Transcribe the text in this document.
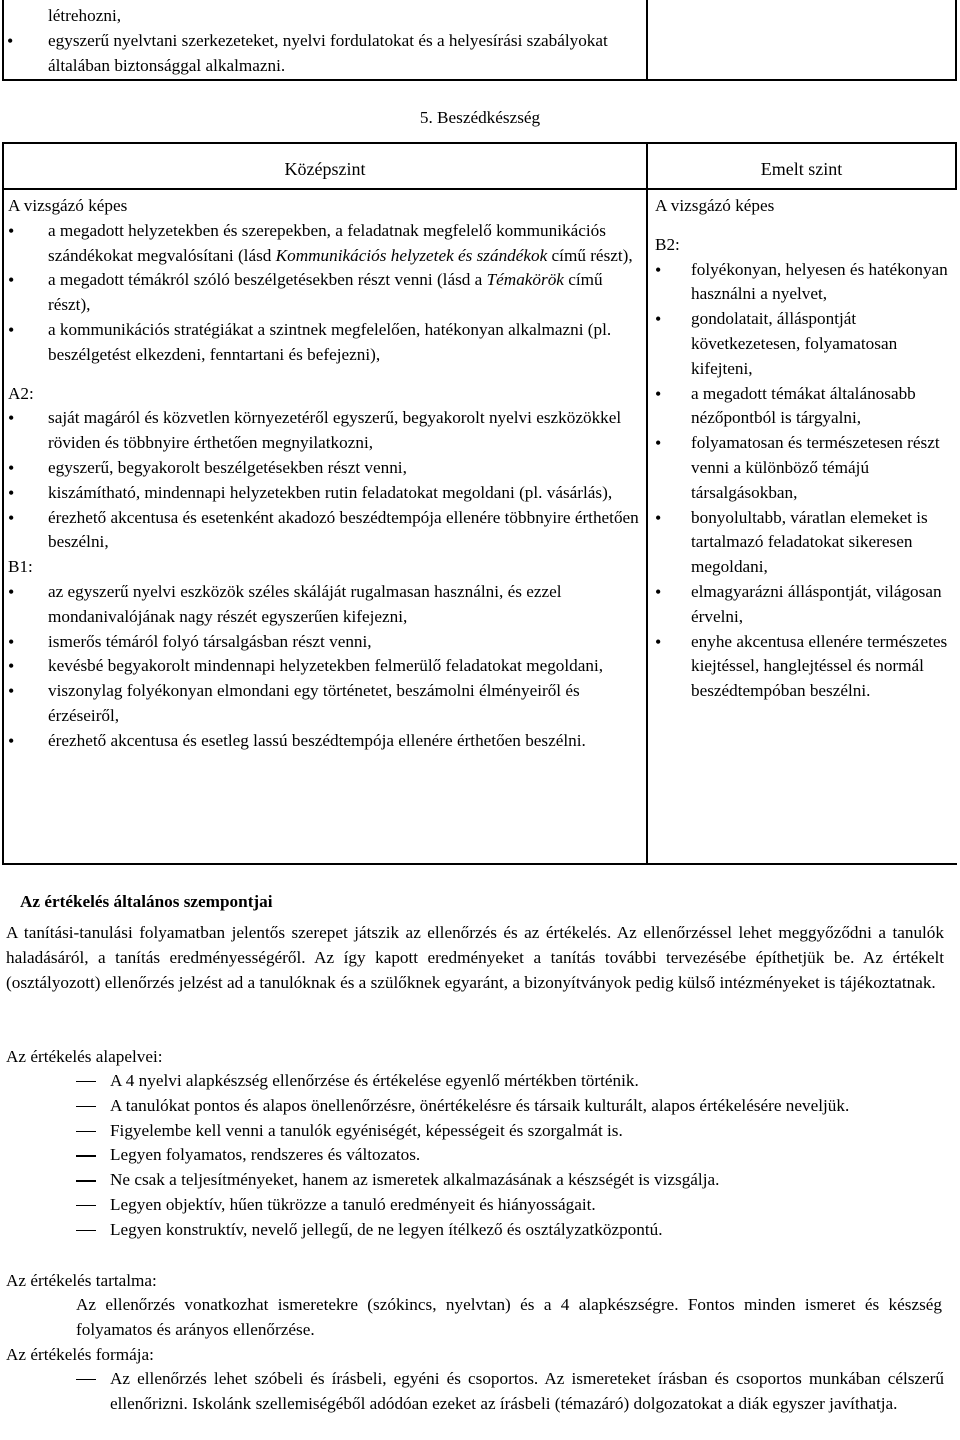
létrehozni,
• egyszerű nyelvtani szerkezeteket, nyelvi fordulatokat és a helyesírási szabályokat általában biztonsággal alkalmazni.
5. Beszédkészség
Középszint	Emelt szint
A vizsgázó képes
• a megadott helyzetekben és szerepekben, a feladatnak megfelelő kommunikációs szándékokat megvalósítani (lásd Kommunikációs helyzetek és szándékok című részt),
• a megadott témákról szóló beszélgetésekben részt venni (lásd a Témakörök című részt),
• a kommunikációs stratégiákat a szintnek megfelelően, hatékonyan alkalmazni (pl. beszélgetést elkezdeni, fenntartani és befejezni),
A2:
• saját magáról és közvetlen környezetéről egyszerű, begyakorolt nyelvi eszközökkel röviden és többnyire érthetően megnyilatkozni,
• egyszerű, begyakorolt beszélgetésekben részt venni,
• kiszámítható, mindennapi helyzetekben rutin feladatokat megoldani (pl. vásárlás),
• érezhető akcentusa és esetenként akadozó beszédtempója ellenére többnyire érthetően beszélni,
B1:
• az egyszerű nyelvi eszközök széles skáláját rugalmasan használni, és ezzel mondanivalójának nagy részét egyszerűen kifejezni,
• ismerős témáról folyó társalgásban részt venni,
• kevésbé begyakorolt mindennapi helyzetekben felmerülő feladatokat megoldani,
• viszonylag folyékonyan elmondani egy történetet, beszámolni élményeiről és érzéseiről,
• érezhető akcentusa és esetleg lassú beszédtempója ellenére érthetően beszélni.
A vizsgázó képes
B2:
• folyékonyan, helyesen és hatékonyan használni a nyelvet,
• gondolatait, álláspontját következetesen, folyamatosan kifejteni,
• a megadott témákat általánosabb nézőpontból is tárgyalni,
• folyamatosan és természetesen részt venni a különböző témájú társalgásokban,
• bonyolultabb, váratlan elemeket is tartalmazó feladatokat sikeresen megoldani,
• elmagyarázni álláspontját, világosan érvelni,
• enyhe akcentusa ellenére természetes kiejtéssel, hanglejtéssel és normál beszédtempóban beszélni.
Az értékelés általános szempontjai
A tanítási-tanulási folyamatban jelentős szerepet játszik az ellenőrzés és az értékelés. Az ellenőrzéssel lehet meggyőződni a tanulók haladásáról, a tanítás eredményességéről. Az így kapott eredményeket a tanítás további tervezésébe építhetjük be. Az értékelt (osztályozott) ellenőrzés jelzést ad a tanulóknak és a szülőknek egyaránt, a bizonyítványok pedig külső intézményeket is tájékoztatnak.
Az értékelés alapelvei:
A 4 nyelvi alapkészség ellenőrzése és értékelése egyenlő mértékben történik.
A tanulókat pontos és alapos önellenőrzésre, önértékelésre és társaik kulturált, alapos értékelésére neveljük.
Figyelembe kell venni a tanulók egyéniségét, képességeit és szorgalmát is.
Legyen folyamatos, rendszeres és változatos.
Ne csak a teljesítményeket, hanem az ismeretek alkalmazásának a készségét is vizsgálja.
Legyen objektív, hűen tükrözze a tanuló eredményeit és hiányosságait.
Legyen konstruktív, nevelő jellegű, de ne legyen ítélkező és osztályzatközpontú.
Az értékelés tartalma:
Az ellenőrzés vonatkozhat ismeretekre (szókincs, nyelvtan) és a 4 alapkészségre. Fontos minden ismeret és készség folyamatos és arányos ellenőrzése.
Az értékelés formája:
Az ellenőrzés lehet szóbeli és írásbeli, egyéni és csoportos. Az ismereteket írásban és csoportos munkában célszerű ellenőrizni. Iskolánk szellemiségéből adódóan ezeket az írásbeli (témazáró) dolgozatokat a diák egyszer javíthatja.
